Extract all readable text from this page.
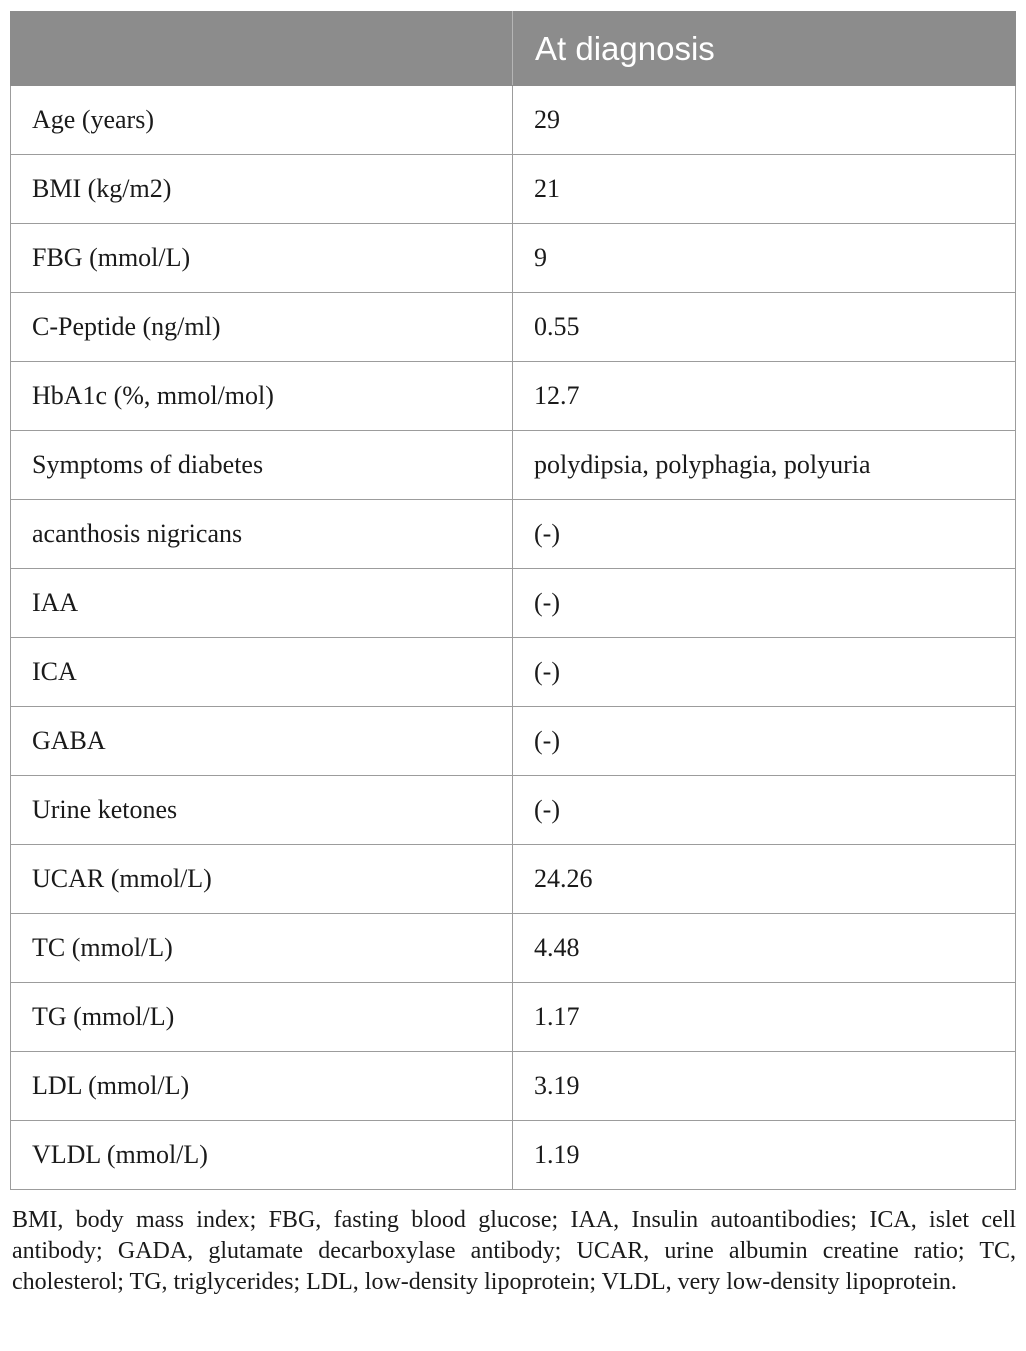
	At diagnosis
Age (years)	29
BMI (kg/m2)	21
FBG (mmol/L)	9
C-Peptide (ng/ml)	0.55
HbA1c (%, mmol/mol)	12.7
Symptoms of diabetes	polydipsia, polyphagia, polyuria
acanthosis nigricans	(-)
IAA	(-)
ICA	(-)
GABA	(-)
Urine ketones	(-)
UCAR (mmol/L)	24.26
TC (mmol/L)	4.48
TG (mmol/L)	1.17
LDL (mmol/L)	3.19
VLDL (mmol/L)	1.19
BMI, body mass index; FBG, fasting blood glucose; IAA, Insulin autoantibodies; ICA, islet cell antibody; GADA, glutamate decarboxylase antibody; UCAR, urine albumin creatine ratio; TC, cholesterol; TG, triglycerides; LDL, low-density lipoprotein; VLDL, very low-density lipoprotein.
